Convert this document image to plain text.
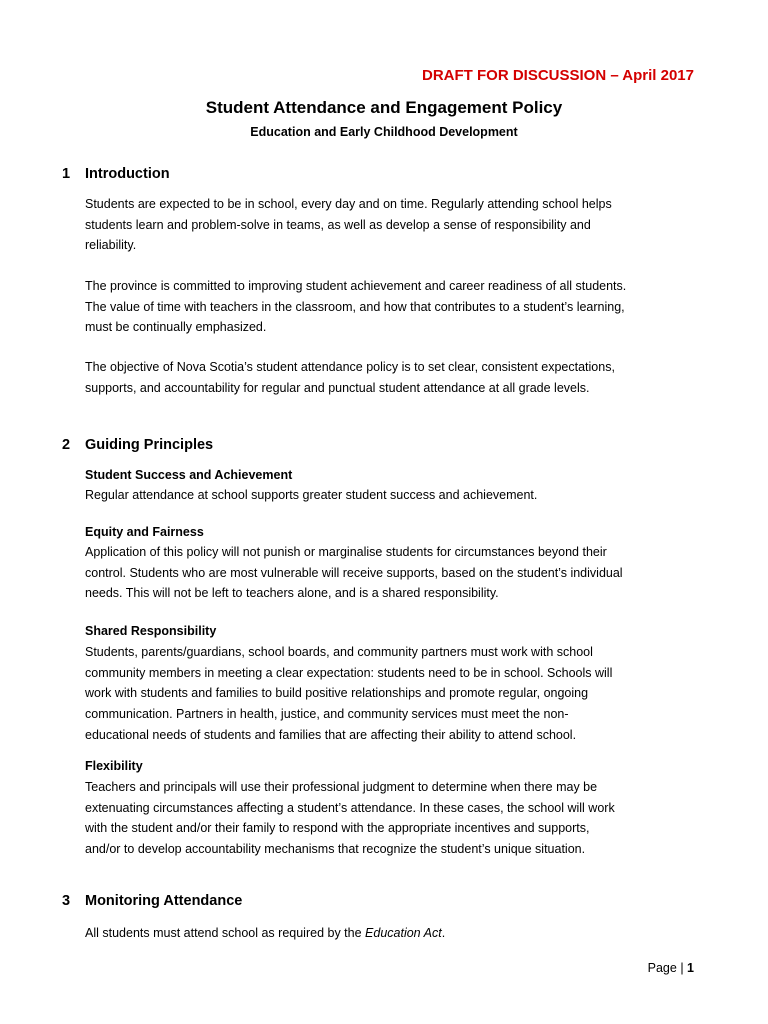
DRAFT FOR DISCUSSION – April 2017
Student Attendance and Engagement Policy
Education and Early Childhood Development
1 Introduction
Students are expected to be in school, every day and on time. Regularly attending school helps
students learn and problem-solve in teams, as well as develop a sense of responsibility and
reliability.
The province is committed to improving student achievement and career readiness of all students.
The value of time with teachers in the classroom, and how that contributes to a student’s learning,
must be continually emphasized.
The objective of Nova Scotia’s student attendance policy is to set clear, consistent expectations,
supports, and accountability for regular and punctual student attendance at all grade levels.
2 Guiding Principles
Student Success and Achievement
Regular attendance at school supports greater student success and achievement.
Equity and Fairness
Application of this policy will not punish or marginalise students for circumstances beyond their
control. Students who are most vulnerable will receive supports, based on the student’s individual
needs. This will not be left to teachers alone, and is a shared responsibility.
Shared Responsibility
Students, parents/guardians, school boards, and community partners must work with school
community members in meeting a clear expectation: students need to be in school. Schools will
work with students and families to build positive relationships and promote regular, ongoing
communication. Partners in health, justice, and community services must meet the non-
educational needs of students and families that are affecting their ability to attend school.
Flexibility
Teachers and principals will use their professional judgment to determine when there may be
extenuating circumstances affecting a student’s attendance. In these cases, the school will work
with the student and/or their family to respond with the appropriate incentives and supports,
and/or to develop accountability mechanisms that recognize the student’s unique situation.
3 Monitoring Attendance
All students must attend school as required by the Education Act.
Page | 1
